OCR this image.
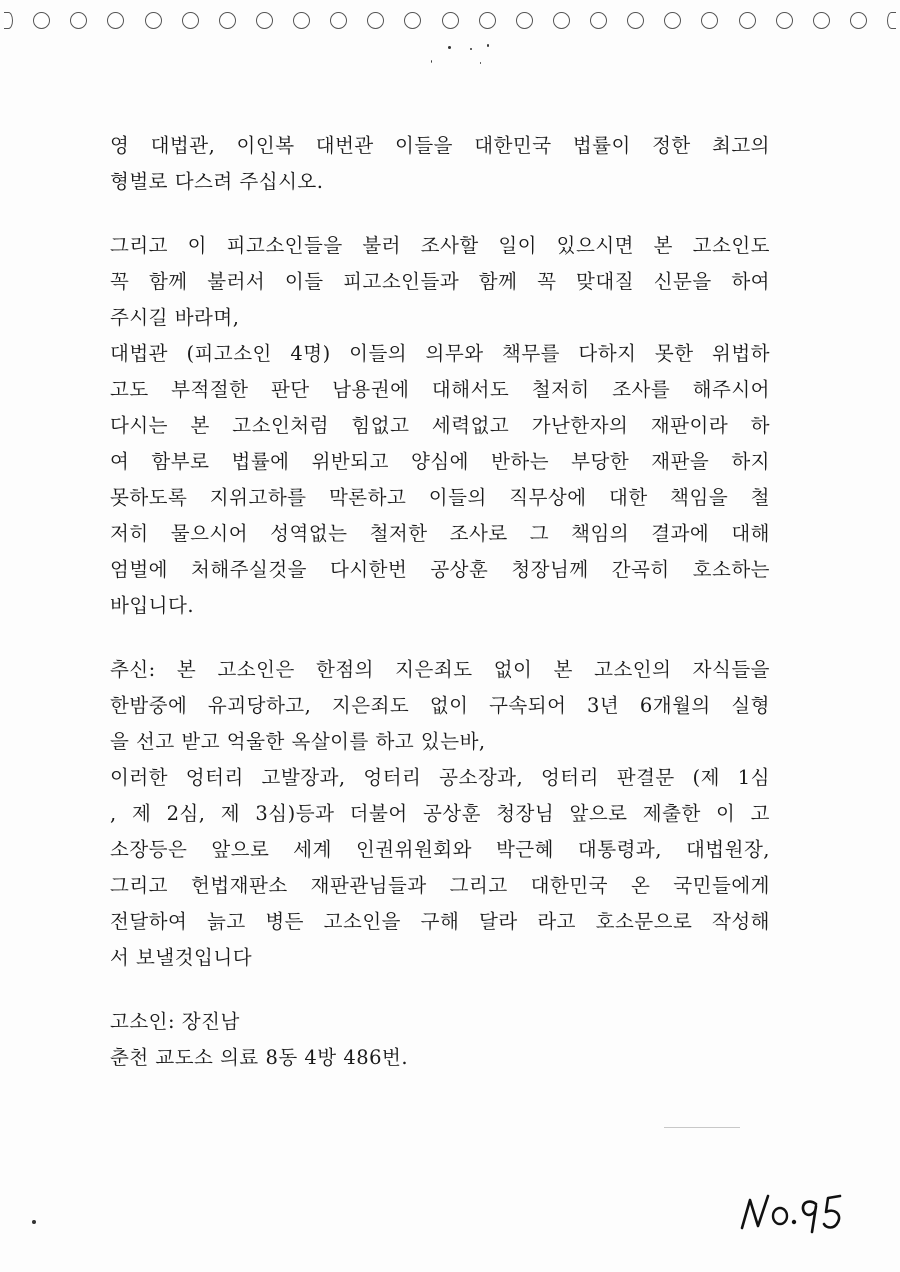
영 대법관, 이인복 대번관 이들을 대한민국 법률이 정한 최고의
형벌로 다스려 주십시오.
그리고 이 피고소인들을 불러 조사할 일이 있으시면 본 고소인도
꼭 함께 불러서 이들 피고소인들과 함께 꼭 맞대질 신문을 하여
주시길 바라며,
대법관 (피고소인 4명) 이들의 의무와 책무를 다하지 못한 위법하
고도 부적절한 판단 남용권에 대해서도 철저히 조사를 해주시어
다시는 본 고소인처럼 힘없고 세력없고 가난한자의 재판이라 하
여 함부로 법률에 위반되고 양심에 반하는 부당한 재판을 하지
못하도록 지위고하를 막론하고 이들의 직무상에 대한 책임을 철
저히 물으시어 성역없는 철저한 조사로 그 책임의 결과에 대해
엄벌에 처해주실것을 다시한번 공상훈 청장님께 간곡히 호소하는
바입니다.
추신: 본 고소인은 한점의 지은죄도 없이 본 고소인의 자식들을
한밤중에 유괴당하고, 지은죄도 없이 구속되어 3년 6개월의 실형
을 선고 받고 억울한 옥살이를 하고 있는바,
이러한 엉터리 고발장과, 엉터리 공소장과, 엉터리 판결문 (제 1심
, 제 2심, 제 3심)등과 더불어 공상훈 청장님 앞으로 제출한 이 고
소장등은 앞으로 세계 인권위원회와 박근혜 대통령과, 대법원장,
그리고 헌법재판소 재판관님들과 그리고 대한민국 온 국민들에게
전달하여 늙고 병든 고소인을 구해 달라 라고 호소문으로 작성해
서 보낼것입니다
고소인: 장진남
춘천 교도소 의료 8동 4방 486번.
